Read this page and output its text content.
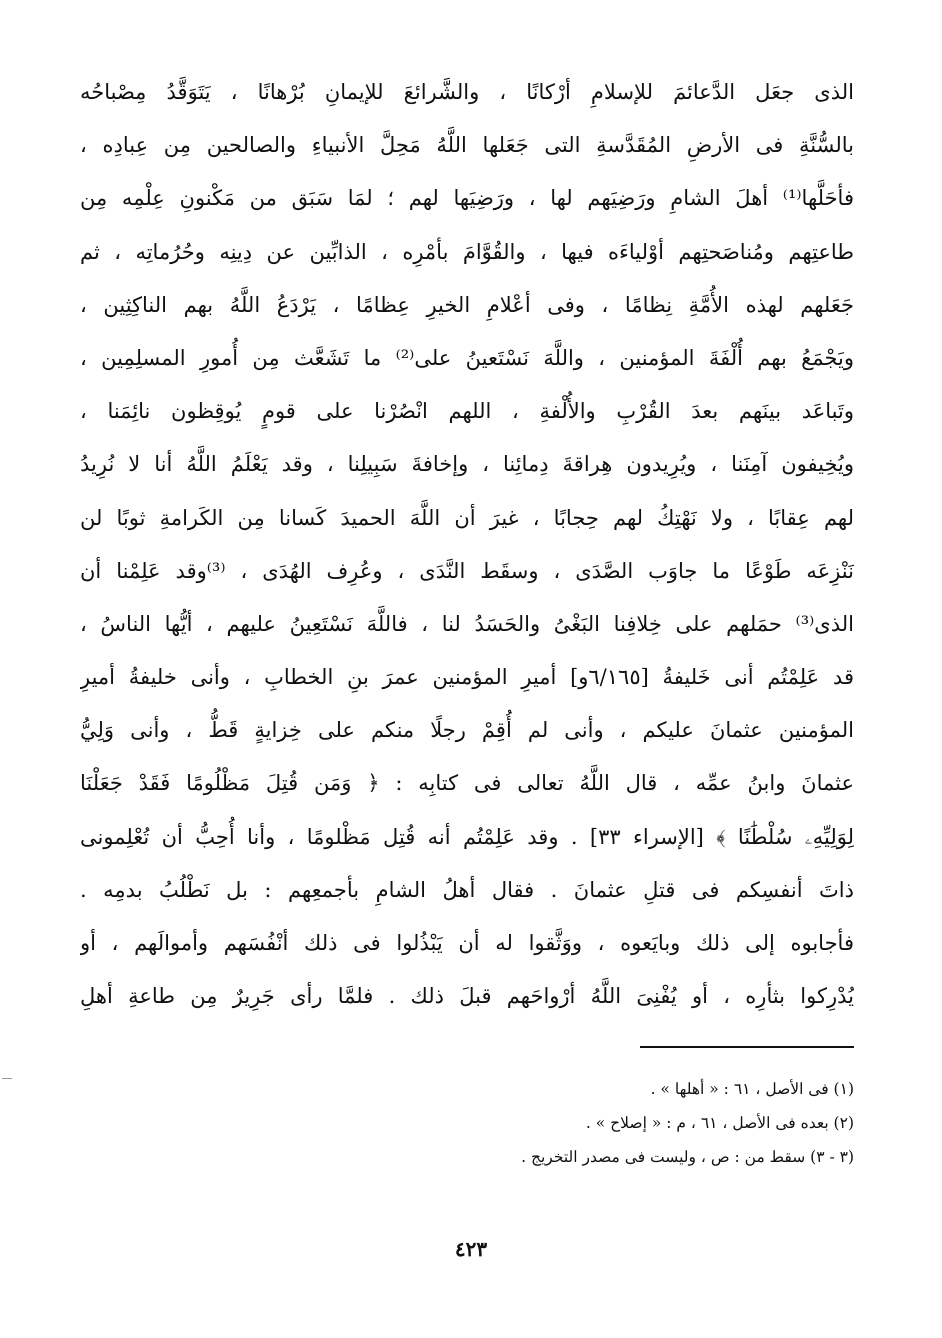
الذى جعَل الدَّعائمَ للإسلامِ أرْكانًا ، والشَّرائعَ للإيمانِ بُرْهانًا ، يَتَوَقَّدُ مِصْباحُه
بالسُّنَّةِ فى الأرضِ المُقَدَّسةِ التى جَعَلها اللَّهُ مَحِلَّ الأنبياءِ والصالحين مِن عِبادِه ،
فأحَلَّها⁽¹⁾ أهلَ الشامِ ورَضِيَهم لها ، ورَضِيَها لهم ؛ لمَا سَبَق من مَكْنونِ عِلْمِه مِن
طاعتِهم ومُناصَحتِهم أوْلياءَه فيها ، والقُوَّامَ بأمْرِه ، الذابِّين عن دِينِه وحُرُماتِه ، ثم
جَعَلهم لهذه الأُمَّةِ نِظامًا ، وفى أعْلامِ الخيرِ عِظامًا ، يَرْدَعُ اللَّهُ بهم الناكِثِين ،
ويَجْمَعُ بهم أُلْفَةَ المؤمنين ، واللَّهَ نَسْتَعينُ على⁽²⁾ ما تَشَعَّث مِن أُمورِ المسلِمِين ،
وتَباعَد بينَهم بعدَ القُرْبِ والأُلْفةِ ، اللهم انْصُرْنا على قومٍ يُوقِظون نائِمَنا ،
ويُخِيفون آمِنَنا ، ويُرِيدون هِراقةَ دِمائِنا ، وإخافةَ سَبِيلِنا ، وقد يَعْلَمُ اللَّهُ أنا لا نُرِيدُ
لهم عِقابًا ، ولا نَهْتِكُ لهم حِجابًا ، غيرَ أن اللَّهَ الحميدَ كَسانا مِن الكَرامةِ ثوبًا لن
نَنْزِعَه طَوْعًا ما جاوَب الصَّدَى ، وسقَط النَّدَى ، وعُرِف الهُدَى ، ⁽³⁾وقد عَلِمْنا أن
الذى⁽³⁾ حمَلهم على خِلافِنا البَغْىُ والحَسَدُ لنا ، فاللَّهَ نَسْتَعِينُ عليهم ، أيُّها الناسُ ،
قد عَلِمْتُم أنى خَليفةُ [٦/١٦٥و] أميرِ المؤمنين عمرَ بنِ الخطابِ ، وأنى خليفةُ أميرِ
المؤمنين عثمانَ عليكم ، وأنى لم أُقِمْ رجلًا منكم على خِزايةٍ قَطُّ ، وأنى وَلِيُّ
عثمانَ وابنُ عمِّه ، قال اللَّهُ تعالى فى كتابِه : ﴿ وَمَن قُتِلَ مَظْلُومًا فَقَدْ جَعَلْنَا
لِوَلِيِّهِۦ سُلْطَٰنًا ﴾ [الإسراء ٣٣] . وقد عَلِمْتُم أنه قُتِل مَظْلومًا ، وأنا أُحِبُّ أن تُعْلِمونى
ذاتَ أنفسِكم فى قتلِ عثمانَ . فقال أهلُ الشامِ بأجمعِهم : بل نَطْلُبُ بدمِه .
فأجابوه إلى ذلك وبايَعوه ، ووَثَّقوا له أن يَبْذُلوا فى ذلك أنْفُسَهم وأموالَهم ، أو
يُدْرِكوا بثأرِه ، أو يُفْنِىَ اللَّهُ أرْواحَهم قبلَ ذلك . فلمَّا رأى جَرِيرٌ مِن طاعةِ أهلِ
(١) فى الأصل ، ٦١ : « أهلها » .
(٢) بعده فى الأصل ، ٦١ ، م : « إصلاح » .
(٣ - ٣) سقط من : ص ، وليست فى مصدر التخريج .
٤٢٣
